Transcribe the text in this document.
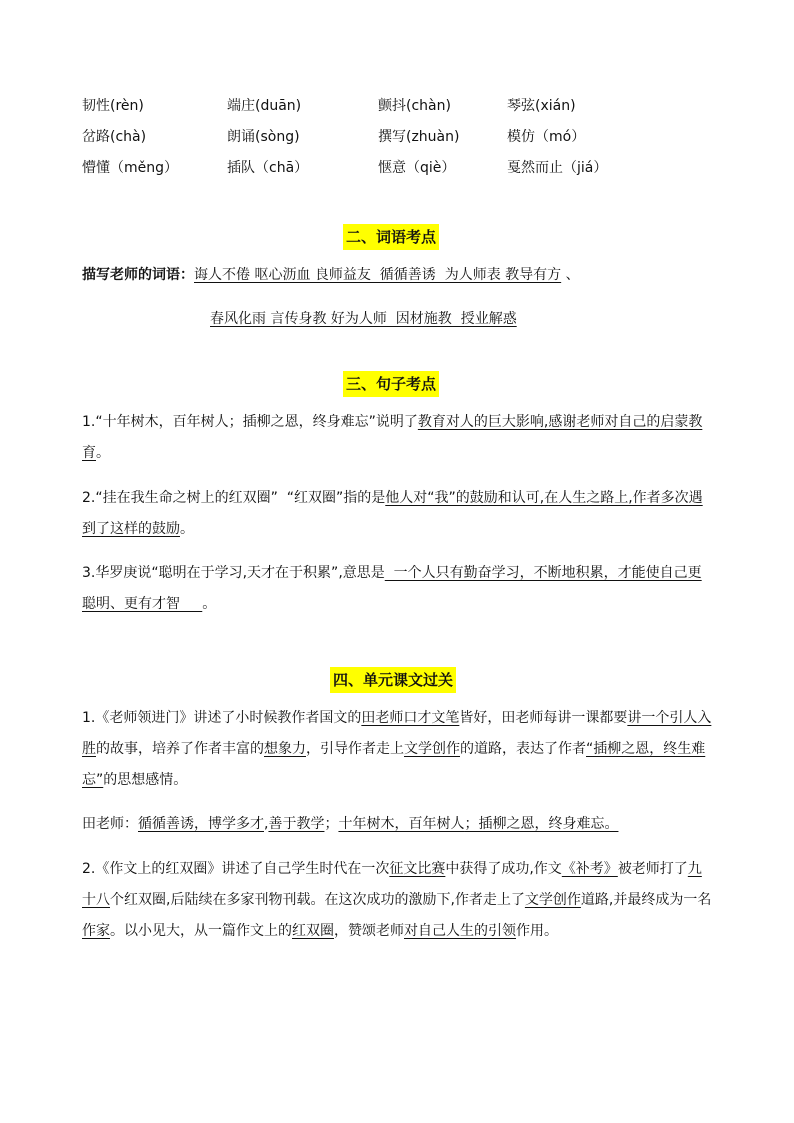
韧性(rèn)	端庄(duān)	颤抖(chàn)	琴弦(xián)
岔路(chà)	朗诵(sòng)	撰写(zhuàn)	模仿（mó）
懵懂（měng）	插队（chā）	惬意（qiè）	戛然而止（jiá）
二、词语考点
描写老师的词语：诲人不倦 呕心沥血 良师益友  循循善诱  为人师表 教导有方 、
春风化雨 言传身教 好为人师  因材施教  授业解惑
三、句子考点
1.“十年树木，百年树人；插柳之恩，终身难忘”说明了教育对人的巨大影响,感谢老师对自己的启蒙教育。
2.“挂在我生命之树上的红双圈”  “红双圈”指的是他人对“我”的鼓励和认可,在人生之路上,作者多次遇到了这样的鼓励。
3.华罗庚说“聪明在于学习,天才在于积累”,意思是  一个人只有勤奋学习，不断地积累，才能使自己更聪明、更有才智     。
四、单元课文过关
1.《老师领进门》讲述了小时候教作者国文的田老师口才文笔皆好，田老师每讲一课都要讲一个引人入胜的故事，培养了作者丰富的想象力，引导作者走上文学创作的道路，表达了作者“插柳之恩，终生难忘”的思想感情。
田老师：循循善诱，博学多才,善于教学；十年树木，百年树人；插柳之恩，终身难忘。
2.《作文上的红双圈》讲述了自己学生时代在一次征文比赛中获得了成功,作文《补考》被老师打了九十八个红双圈,后陆续在多家刊物刊载。在这次成功的激励下,作者走上了文学创作道路,并最终成为一名作家。以小见大，从一篇作文上的红双圈，赞颂老师对自己人生的引领作用。
